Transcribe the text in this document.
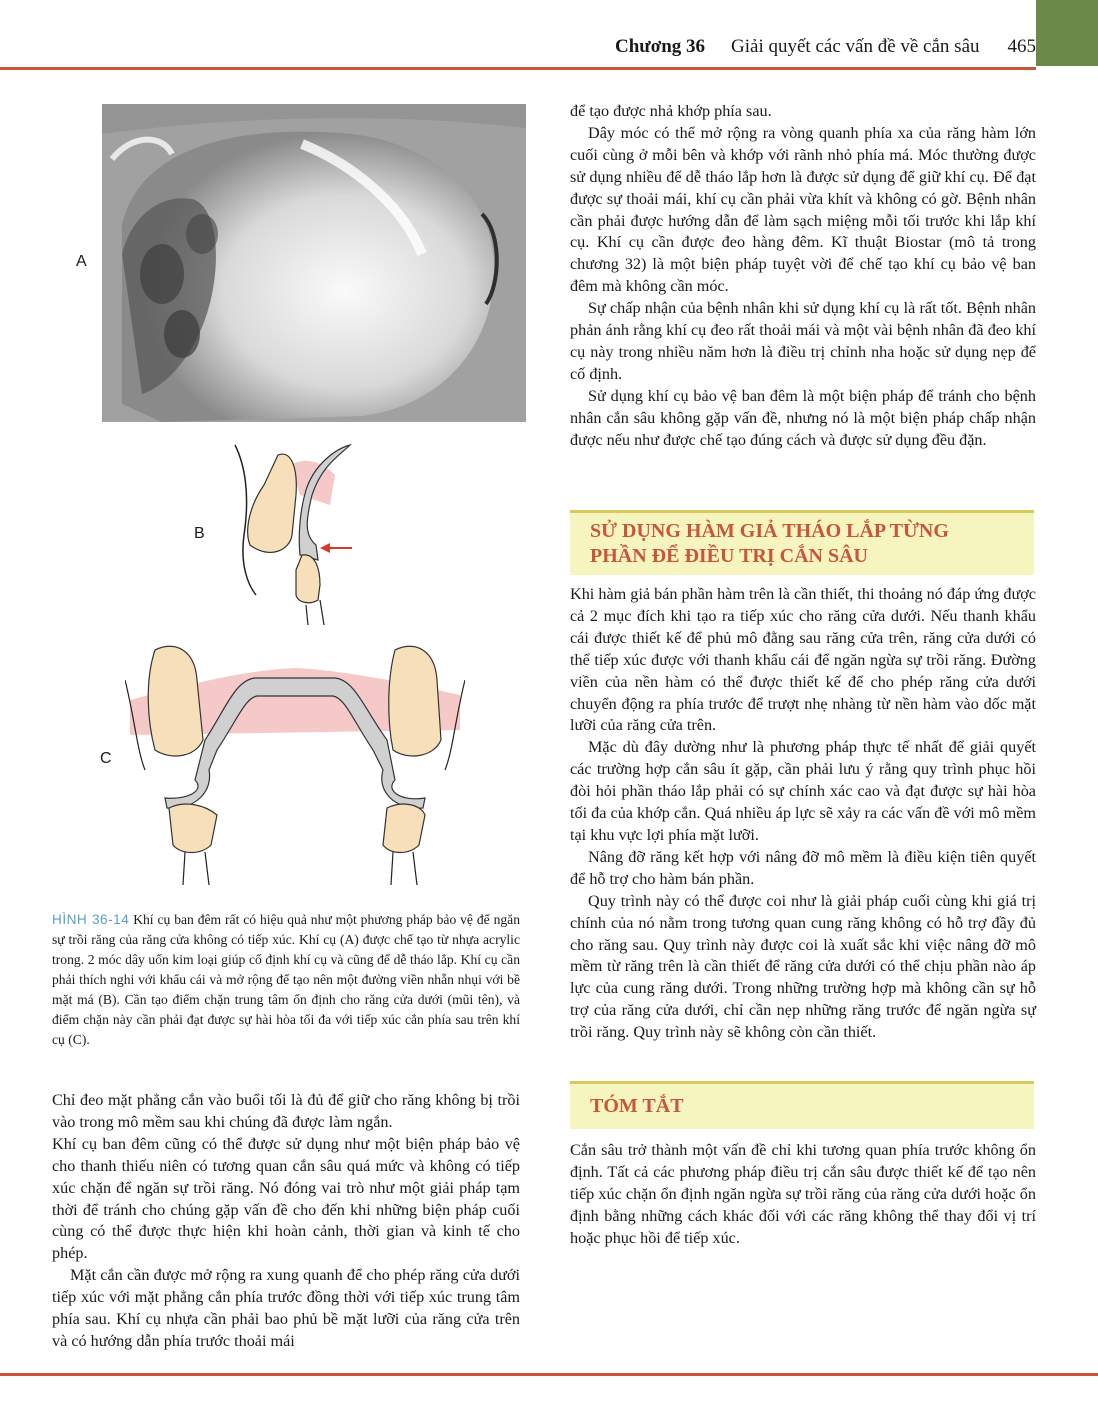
Chương 36 Giải quyết các vấn đề về cắn sâu 465
A
B
C
HÌNH 36-14 Khí cụ ban đêm rất có hiệu quả như một phương pháp bảo vệ để ngăn sự trồi răng của răng cửa không có tiếp xúc. Khí cụ (A) được chế tạo từ nhựa acrylic trong. 2 móc dây uốn kim loại giúp cố định khí cụ và cũng để dễ tháo lắp. Khí cụ cần phải thích nghi với khẩu cái và mở rộng để tạo nên một đường viền nhẵn nhụi với bề mặt má (B). Cần tạo điểm chặn trung tâm ổn định cho răng cửa dưới (mũi tên), và điểm chặn này cần phải đạt được sự hài hòa tối đa với tiếp xúc cắn phía sau trên khí cụ (C).

Chỉ đeo mặt phẳng cắn vào buổi tối là đủ để giữ cho răng không bị trồi vào trong mô mềm sau khi chúng đã được làm ngắn.

Khí cụ ban đêm cũng có thể được sử dụng như một biện pháp bảo vệ cho thanh thiếu niên có tương quan cắn sâu quá mức và không có tiếp xúc chặn để ngăn sự trồi răng. Nó đóng vai trò như một giải pháp tạm thời để tránh cho chúng gặp vấn đề cho đến khi những biện pháp cuối cùng có thể được thực hiện khi hoàn cảnh, thời gian và kinh tế cho phép.

Mặt cắn cần được mở rộng ra xung quanh để cho phép răng cửa dưới tiếp xúc với mặt phẳng cắn phía trước đồng thời với tiếp xúc trung tâm phía sau. Khí cụ nhựa cần phải bao phủ bề mặt lưỡi của răng cửa trên và có hướng dẫn phía trước thoải mái

để tạo được nhả khớp phía sau.

Dây móc có thể mở rộng ra vòng quanh phía xa của răng hàm lớn cuối cùng ở mỗi bên và khớp với rãnh nhỏ phía má. Móc thường được sử dụng nhiều để dễ tháo lắp hơn là được sử dụng để giữ khí cụ. Để đạt được sự thoải mái, khí cụ cần phải vừa khít và không có gờ. Bệnh nhân cần phải được hướng dẫn để làm sạch miệng mỗi tối trước khi lắp khí cụ. Khí cụ cần được đeo hàng đêm. Kĩ thuật Biostar (mô tả trong chương 32) là một biện pháp tuyệt vời để chế tạo khí cụ bảo vệ ban đêm mà không cần móc.

Sự chấp nhận của bệnh nhân khi sử dụng khí cụ là rất tốt. Bệnh nhân phản ánh rằng khí cụ đeo rất thoải mái và một vài bệnh nhân đã đeo khí cụ này trong nhiều năm hơn là điều trị chỉnh nha hoặc sử dụng nẹp để cố định.

Sử dụng khí cụ bảo vệ ban đêm là một biện pháp để tránh cho bệnh nhân cắn sâu không gặp vấn đề, nhưng nó là một biện pháp chấp nhận được nếu như được chế tạo đúng cách và được sử dụng đều đặn.

SỬ DỤNG HÀM GIẢ THÁO LẮP TỪNG
PHẦN ĐỂ ĐIỀU TRỊ CẮN SÂU

Khi hàm giả bán phần hàm trên là cần thiết, thi thoảng nó đáp ứng được cả 2 mục đích khi tạo ra tiếp xúc cho răng cửa dưới. Nếu thanh khẩu cái được thiết kế để phủ mô đằng sau răng cửa trên, răng cửa dưới có thể tiếp xúc được với thanh khẩu cái để ngăn ngừa sự trồi răng. Đường viền của nền hàm có thể được thiết kế để cho phép răng cửa dưới chuyển động ra phía trước để trượt nhẹ nhàng từ nền hàm vào dốc mặt lưỡi của răng cửa trên.

Mặc dù đây dường như là phương pháp thực tế nhất để giải quyết các trường hợp cắn sâu ít gặp, cần phải lưu ý rằng quy trình phục hồi đòi hỏi phần tháo lắp phải có sự chính xác cao và đạt được sự hài hòa tối đa của khớp cắn. Quá nhiều áp lực sẽ xảy ra các vấn đề với mô mềm tại khu vực lợi phía mặt lưỡi.

Nâng đỡ răng kết hợp với nâng đỡ mô mềm là điều kiện tiên quyết để hỗ trợ cho hàm bán phần.

Quy trình này có thể được coi như là giải pháp cuối cùng khi giá trị chính của nó nằm trong tương quan cung răng không có hỗ trợ đầy đủ cho răng sau. Quy trình này được coi là xuất sắc khi việc nâng đỡ mô mềm từ răng trên là cần thiết để răng cửa dưới có thể chịu phần nào áp lực của cung răng dưới. Trong những trường hợp mà không cần sự hỗ trợ của răng cửa dưới, chỉ cần nẹp những răng trước để ngăn ngừa sự trồi răng. Quy trình này sẽ không còn cần thiết.

TÓM TẮT

Cắn sâu trở thành một vấn đề chỉ khi tương quan phía trước không ổn định. Tất cả các phương pháp điều trị cắn sâu được thiết kế để tạo nên tiếp xúc chặn ổn định ngăn ngừa sự trồi răng của răng cửa dưới hoặc ổn định bằng những cách khác đối với các răng không thể thay đổi vị trí hoặc phục hồi để tiếp xúc.
